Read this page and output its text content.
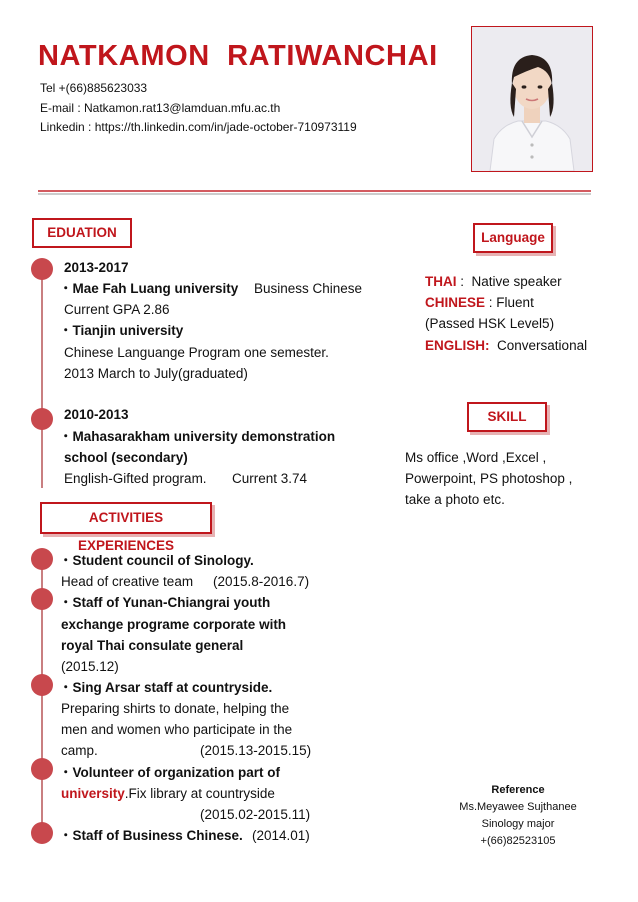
NATKAMON RATIWANCHAI
Tel +(66)885623033
E-mail : Natkamon.rat13@lamduan.mfu.ac.th
Linkedin : https://th.linkedin.com/in/jade-october-710973119
EDUATION
2013-2017
・Mae Fah Luang university Business Chinese
Current GPA 2.86
・Tianjin university
Chinese Languange Program one semester.
2013 March to July(graduated)
2010-2013
・Mahasarakham university demonstration
school (secondary)
English-Gifted program. Current 3.74
Language
THAI : Native speaker
CHINESE : Fluent
(Passed HSK Level5)
ENGLISH: Conversational
SKILL
Ms office ,Word ,Excel ,
Powerpoint, PS photoshop ,
take a photo etc.
ACTIVITIES EXPERIENCES
・Student council of Sinology.
Head of creative team (2015.8-2016.7)
・Staff of Yunan-Chiangrai youth
exchange programe corporate with
royal Thai consulate general
(2015.12)
・Sing Arsar staff at countryside.
Preparing shirts to donate, helping the
men and women who participate in the
camp.	(2015.13-2015.15)
・Volunteer of organization part of
university.Fix library at countryside
(2015.02-2015.11)
・Staff of Business Chinese. (2014.01)
Reference
Ms.Meyawee Sujthanee
Sinology major
+(66)82523105
